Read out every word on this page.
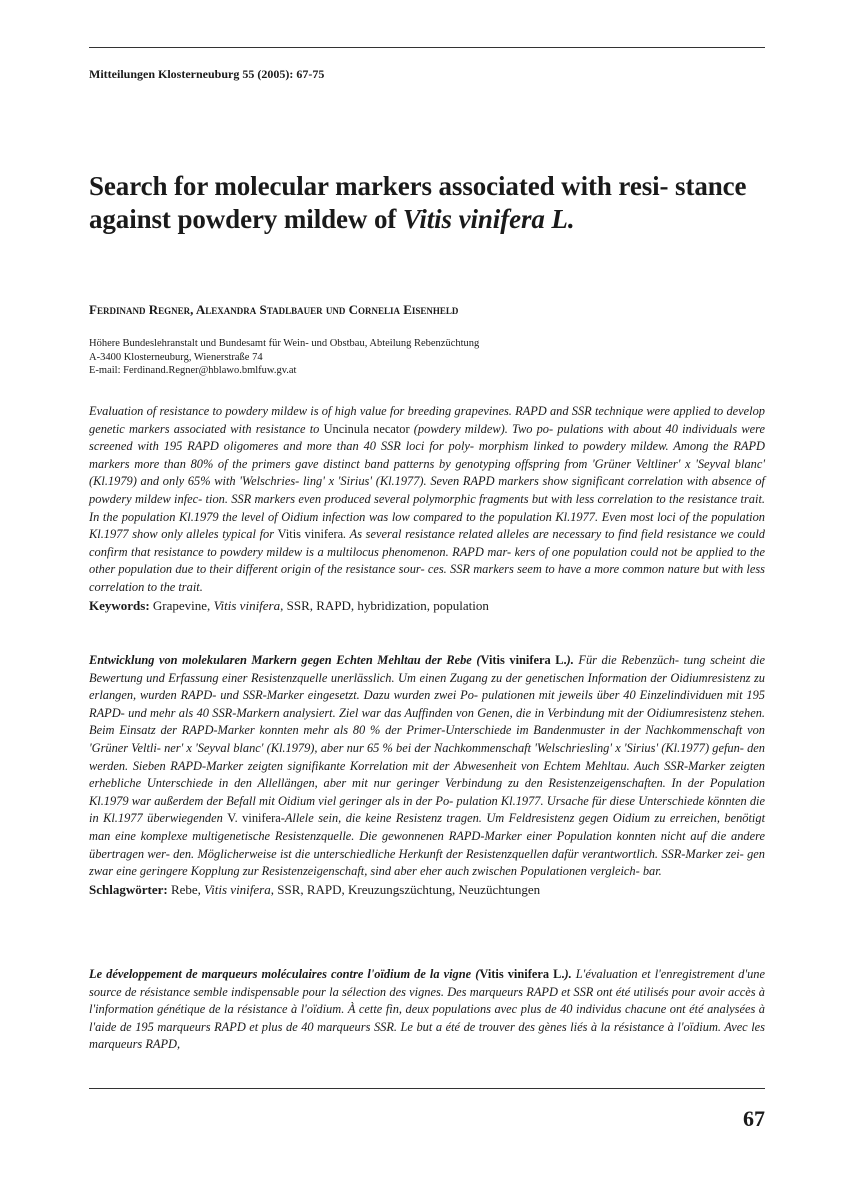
Mitteilungen Klosterneuburg 55 (2005): 67-75
Search for molecular markers associated with resi- stance against powdery mildew of Vitis vinifera L.
Ferdinand Regner, Alexandra Stadlbauer und Cornelia Eisenheld
Höhere Bundeslehranstalt und Bundesamt für Wein- und Obstbau, Abteilung Rebenzüchtung
A-3400 Klosterneuburg, Wienerstraße 74
E-mail: Ferdinand.Regner@hblawo.bmlfuw.gv.at
Evaluation of resistance to powdery mildew is of high value for breeding grapevines. RAPD and SSR technique were applied to develop genetic markers associated with resistance to Uncinula necator (powdery mildew). Two po- pulations with about 40 individuals were screened with 195 RAPD oligomeres and more than 40 SSR loci for poly- morphism linked to powdery mildew. Among the RAPD markers more than 80% of the primers gave distinct band patterns by genotyping offspring from 'Grüner Veltliner' x 'Seyval blanc' (Kl.1979) and only 65% with 'Welschries- ling' x 'Sirius' (Kl.1977). Seven RAPD markers show significant correlation with absence of powdery mildew infec- tion. SSR markers even produced several polymorphic fragments but with less correlation to the resistance trait. In the population Kl.1979 the level of Oidium infection was low compared to the population Kl.1977. Even most loci of the population Kl.1977 show only alleles typical for Vitis vinifera. As several resistance related alleles are necessary to find field resistance we could confirm that resistance to powdery mildew is a multilocus phenomenon. RAPD mar- kers of one population could not be applied to the other population due to their different origin of the resistance sour- ces. SSR markers seem to have a more common nature but with less correlation to the trait.
Keywords: Grapevine, Vitis vinifera, SSR, RAPD, hybridization, population
Entwicklung von molekularen Markern gegen Echten Mehltau der Rebe (Vitis vinifera L.). Für die Rebenzüch- tung scheint die Bewertung und Erfassung einer Resistenzquelle unerlässlich. Um einen Zugang zu der genetischen Information der Oidiumresistenz zu erlangen, wurden RAPD- und SSR-Marker eingesetzt. Dazu wurden zwei Po- pulationen mit jeweils über 40 Einzelindividuen mit 195 RAPD- und mehr als 40 SSR-Markern analysiert. Ziel war das Auffinden von Genen, die in Verbindung mit der Oidiumresistenz stehen. Beim Einsatz der RAPD-Marker konnten mehr als 80 % der Primer-Unterschiede im Bandenmuster in der Nachkommenschaft von 'Grüner Veltli- ner' x 'Seyval blanc' (Kl.1979), aber nur 65 % bei der Nachkommenschaft 'Welschriesling' x 'Sirius' (Kl.1977) gefun- den werden. Sieben RAPD-Marker zeigten signifikante Korrelation mit der Abwesenheit von Echtem Mehltau. Auch SSR-Marker zeigten erhebliche Unterschiede in den Allellängen, aber mit nur geringer Verbindung zu den Resistenzeigenschaften. In der Population Kl.1979 war außerdem der Befall mit Oidium viel geringer als in der Po- pulation Kl.1977. Ursache für diese Unterschiede könnten die in Kl.1977 überwiegenden V. vinifera-Allele sein, die keine Resistenz tragen. Um Feldresistenz gegen Oidium zu erreichen, benötigt man eine komplexe multigenetische Resistenzquelle. Die gewonnenen RAPD-Marker einer Population konnten nicht auf die andere übertragen wer- den. Möglicherweise ist die unterschiedliche Herkunft der Resistenzquellen dafür verantwortlich. SSR-Marker zei- gen zwar eine geringere Kopplung zur Resistenzeigenschaft, sind aber eher auch zwischen Populationen vergleich- bar.
Schlagwörter: Rebe, Vitis vinifera, SSR, RAPD, Kreuzungszüchtung, Neuzüchtungen
Le développement de marqueurs moléculaires contre l'oïdium de la vigne (Vitis vinifera L.). L'évaluation et l'enregistrement d'une source de résistance semble indispensable pour la sélection des vignes. Des marqueurs RAPD et SSR ont été utilisés pour avoir accès à l'information génétique de la résistance à l'oïdium. À cette fin, deux populations avec plus de 40 individus chacune ont été analysées à l'aide de 195 marqueurs RAPD et plus de 40 marqueurs SSR. Le but a été de trouver des gènes liés à la résistance à l'oïdium. Avec les marqueurs RAPD,
67
